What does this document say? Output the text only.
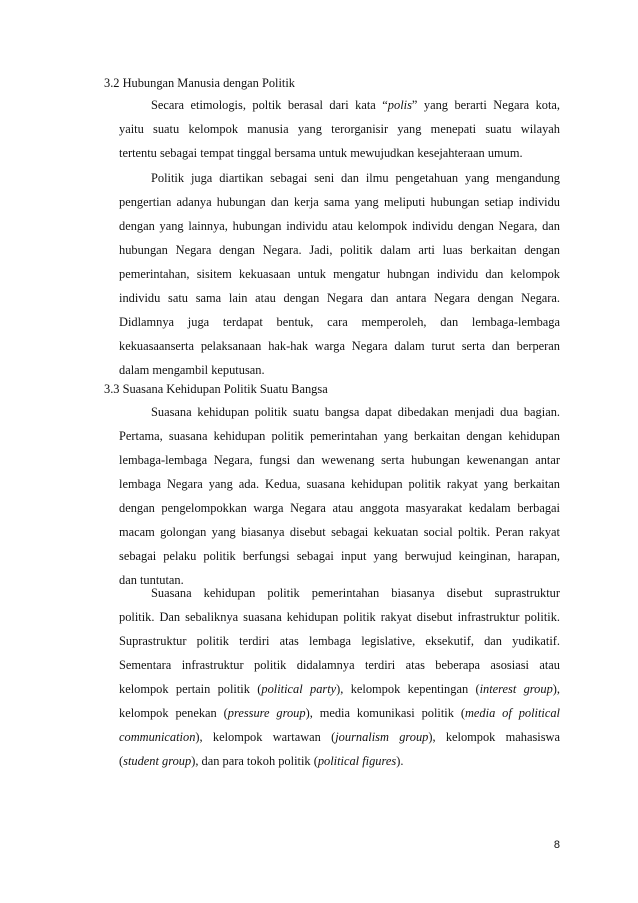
3.2 Hubungan Manusia dengan Politik
Secara etimologis, poltik berasal dari kata “polis” yang berarti Negara kota,
yaitu suatu kelompok manusia yang terorganisir yang menepati suatu wilayah
tertentu sebagai tempat tinggal bersama untuk mewujudkan kesejahteraan umum.
Politik juga diartikan sebagai seni dan ilmu pengetahuan yang mengandung
pengertian adanya hubungan dan kerja sama yang meliputi hubungan setiap individu
dengan yang lainnya, hubungan individu atau kelompok individu dengan Negara, dan
hubungan Negara dengan Negara. Jadi, politik dalam arti luas berkaitan dengan
pemerintahan, sisitem kekuasaan untuk mengatur hubngan individu dan kelompok
individu satu sama lain atau dengan Negara dan antara Negara dengan Negara.
Didlamnya juga terdapat bentuk, cara memperoleh, dan lembaga-lembaga
kekuasaanserta pelaksanaan hak-hak warga Negara dalam turut serta dan berperan
dalam mengambil keputusan.
3.3 Suasana Kehidupan Politik Suatu Bangsa
Suasana kehidupan politik suatu bangsa dapat dibedakan menjadi dua bagian.
Pertama, suasana kehidupan politik pemerintahan yang berkaitan dengan kehidupan
lembaga-lembaga Negara, fungsi dan wewenang serta hubungan kewenangan antar
lembaga Negara yang ada. Kedua, suasana kehidupan politik rakyat yang berkaitan
dengan pengelompokkan warga Negara atau anggota masyarakat kedalam berbagai
macam golongan yang biasanya disebut sebagai kekuatan social poltik. Peran rakyat
sebagai pelaku politik berfungsi sebagai input yang berwujud keinginan, harapan,
dan tuntutan.
Suasana kehidupan politik pemerintahan biasanya disebut suprastruktur
politik. Dan sebaliknya suasana kehidupan politik rakyat disebut infrastruktur politik.
Suprastruktur politik terdiri atas lembaga legislative, eksekutif, dan yudikatif.
Sementara infrastruktur politik didalamnya terdiri atas beberapa asosiasi atau
kelompok pertain politik (political party), kelompok kepentingan (interest group),
kelompok penekan (pressure group), media komunikasi politik (media of political
communication), kelompok wartawan (journalism group), kelompok mahasiswa
(student group), dan para tokoh politik (political figures).
8
